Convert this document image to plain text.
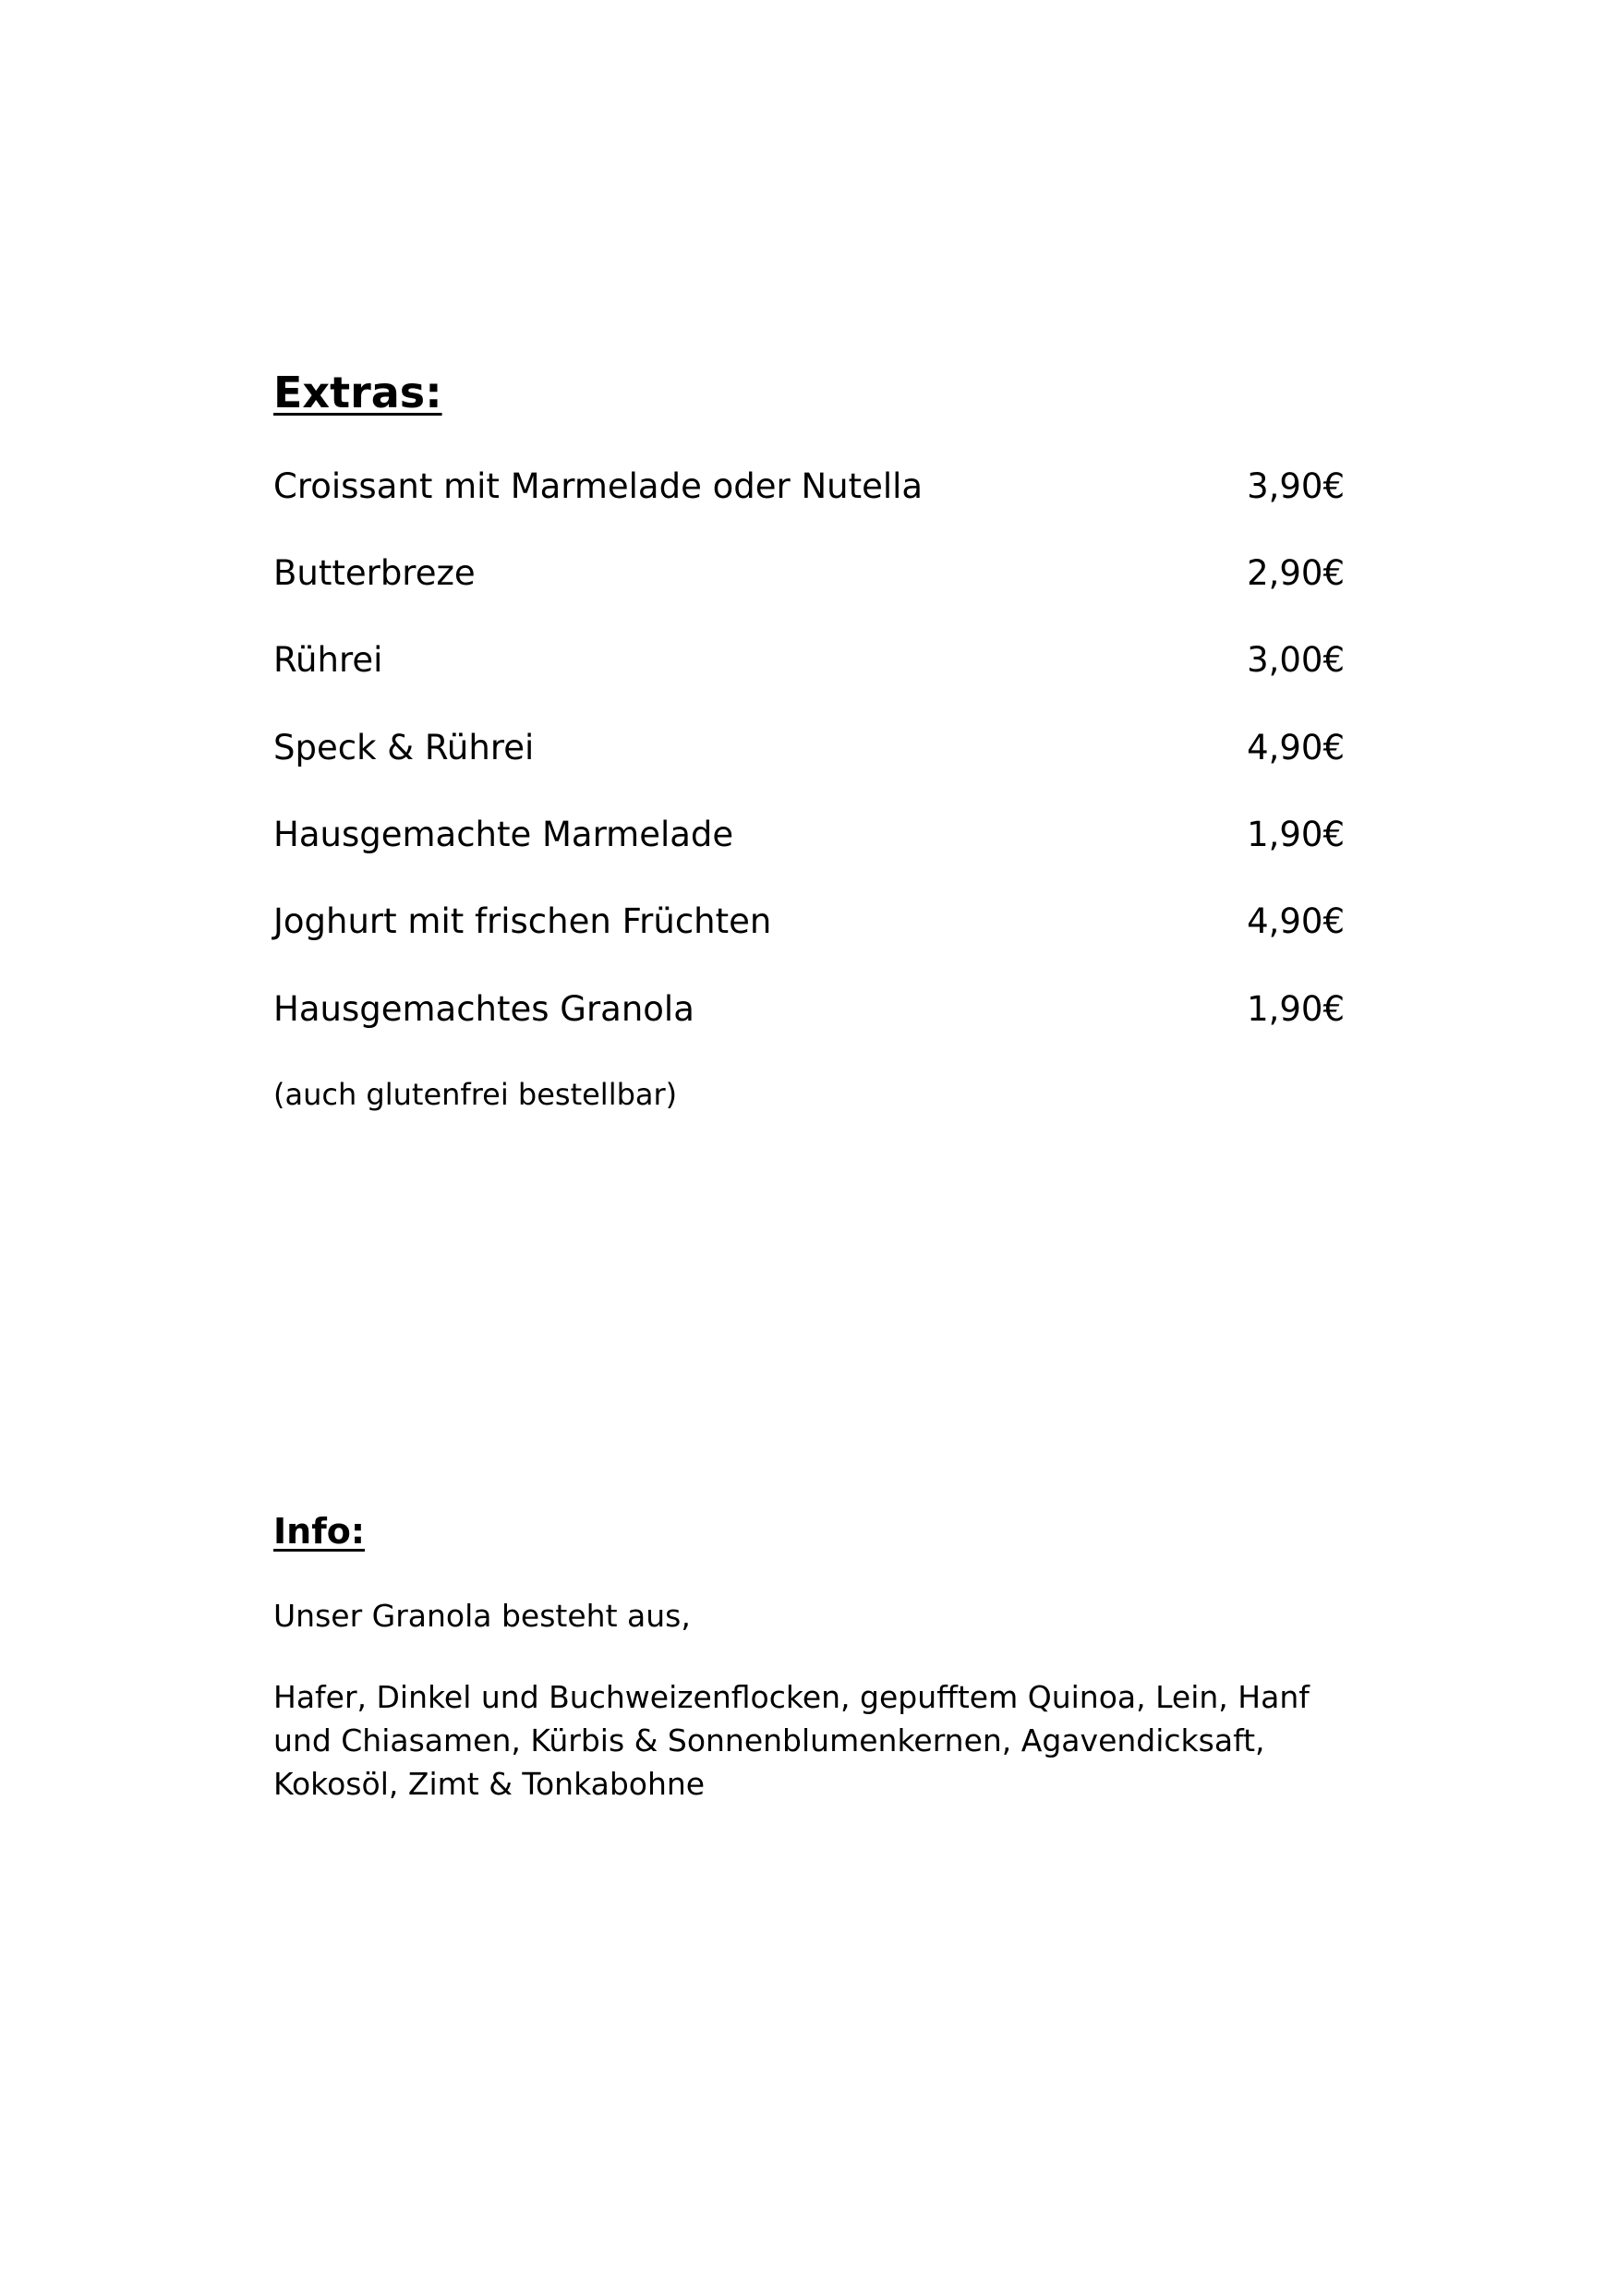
Extras:
Croissant mit Marmelade oder Nutella	3,90€
Butterbreze	2,90€
Rührei	3,00€
Speck & Rührei	4,90€
Hausgemachte Marmelade	1,90€
Joghurt mit frischen Früchten	4,90€
Hausgemachtes Granola	1,90€
(auch glutenfrei bestellbar)
Info:
Unser Granola besteht aus,
Hafer, Dinkel und Buchweizenflocken, gepufftem Quinoa, Lein, Hanf und Chiasamen, Kürbis & Sonnenblumenkernen, Agavendicksaft, Kokosöl, Zimt & Tonkabohne
